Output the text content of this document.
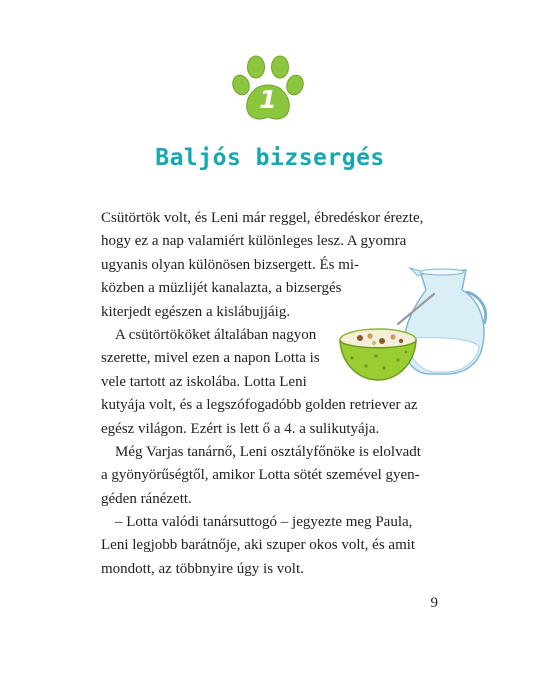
1
Baljós bizsergés
Csütörtök volt, és Leni már reggel, ébredéskor érezte,
hogy ez a nap valamiért különleges lesz. A gyomra
ugyanis olyan különösen bizsergett. És mi-
közben a müzlijét kanalazta, a bizsergés
kiterjedt egészen a kislábujjáig.
A csütörtököket általában nagyon
szerette, mivel ezen a napon Lotta is
vele tartott az iskolába. Lotta Leni
kutyája volt, és a legszófogadóbb golden retriever az
egész világon. Ezért is lett ő a 4. a sulikutyája.
Még Varjas tanárnő, Leni osztályfőnöke is elolvadt
a gyönyörűségtől, amikor Lotta sötét szemével gyen-
géden ránézett.
– Lotta valódi tanársuttogó – jegyezte meg Paula,
Leni legjobb barátnője, aki szuper okos volt, és amit
mondott, az többnyire úgy is volt.
9
